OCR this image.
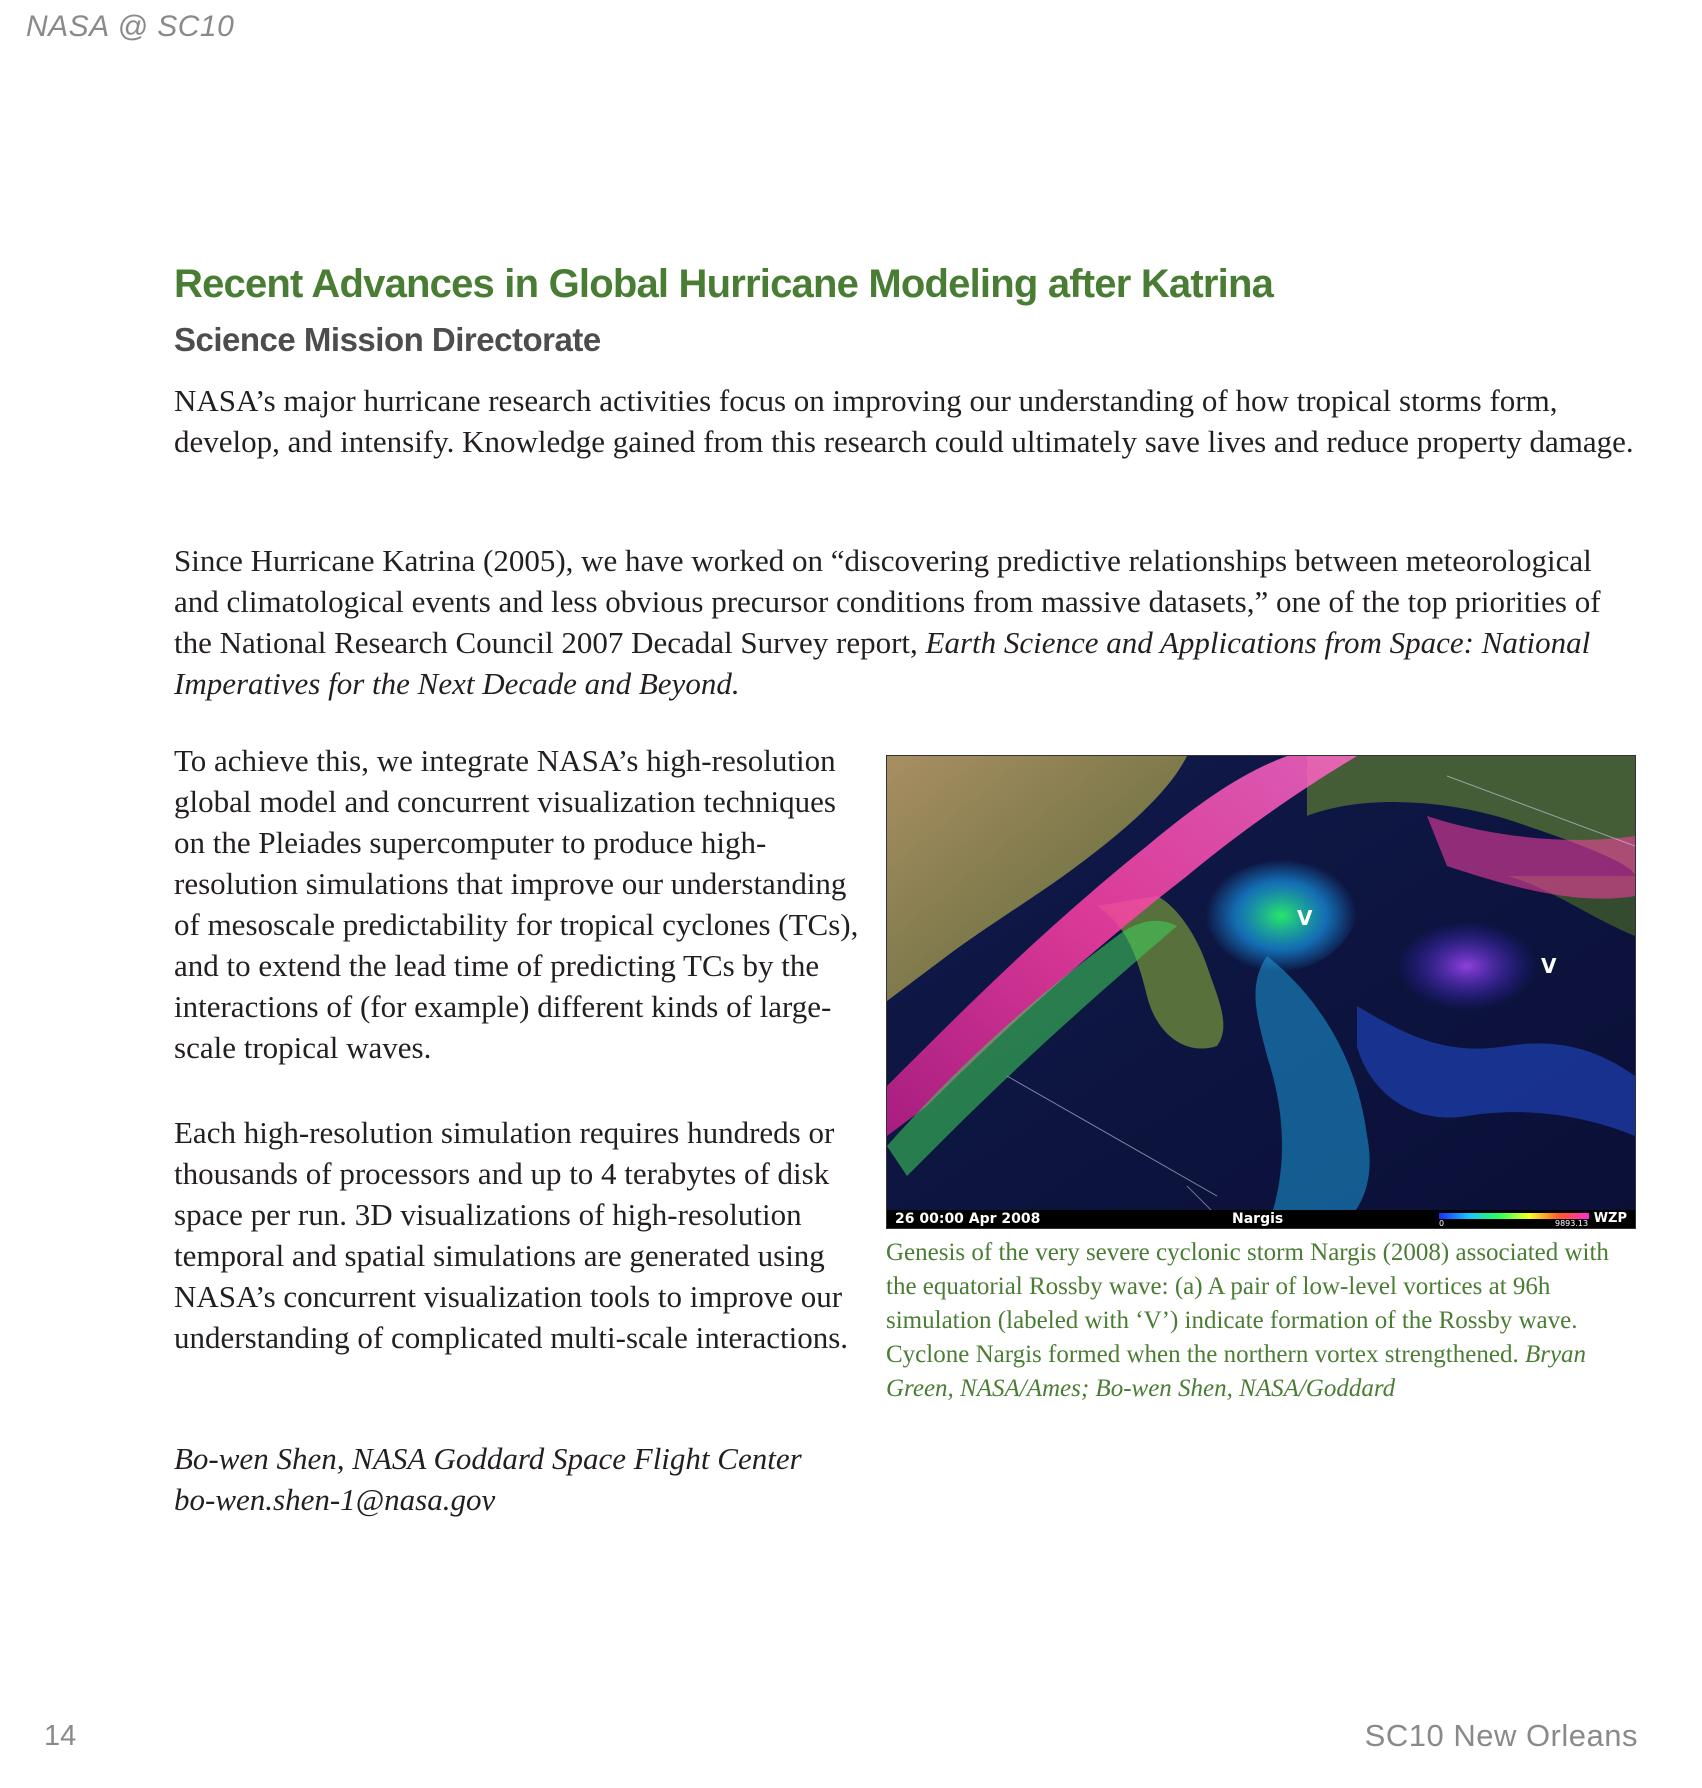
NASA @ SC10
Recent Advances in Global Hurricane Modeling after Katrina
Science Mission Directorate

NASA’s major hurricane research activities focus on improving our understanding of how tropical storms form, develop, and intensify. Knowledge gained from this research could ultimately save lives and reduce property damage.

Since Hurricane Katrina (2005), we have worked on “discovering predictive relationships between meteorological and climatological events and less obvious precursor conditions from massive datasets,” one of the top priorities of the National Research Council 2007 Decadal Survey report, Earth Science and Applications from Space: National Imperatives for the Next Decade and Beyond.

To achieve this, we integrate NASA’s high-resolution global model and concurrent visualization techniques on the Pleiades supercomputer to produce high-resolution simulations that improve our understanding of mesoscale predictability for tropical cyclones (TCs), and to extend the lead time of predicting TCs by the interactions of (for example) different kinds of large-scale tropical waves.

Each high-resolution simulation requires hundreds or thousands of processors and up to 4 terabytes of disk space per run. 3D visualizations of high-resolution temporal and spatial simulations are generated using NASA’s concurrent visualization tools to improve our understanding of complicated multi-scale interactions.

Bo-wen Shen, NASA Goddard Space Flight Center
bo-wen.shen-1@nasa.gov

V
V
26 00:00 Apr 2008	Nargis	0	9893.13 WZP

Genesis of the very severe cyclonic storm Nargis (2008) associated with the equatorial Rossby wave: (a) A pair of low-level vortices at 96h simulation (labeled with ‘V’) indicate formation of the Rossby wave. Cyclone Nargis formed when the northern vortex strengthened. Bryan Green, NASA/Ames; Bo-wen Shen, NASA/Goddard

14	SC10 New Orleans
